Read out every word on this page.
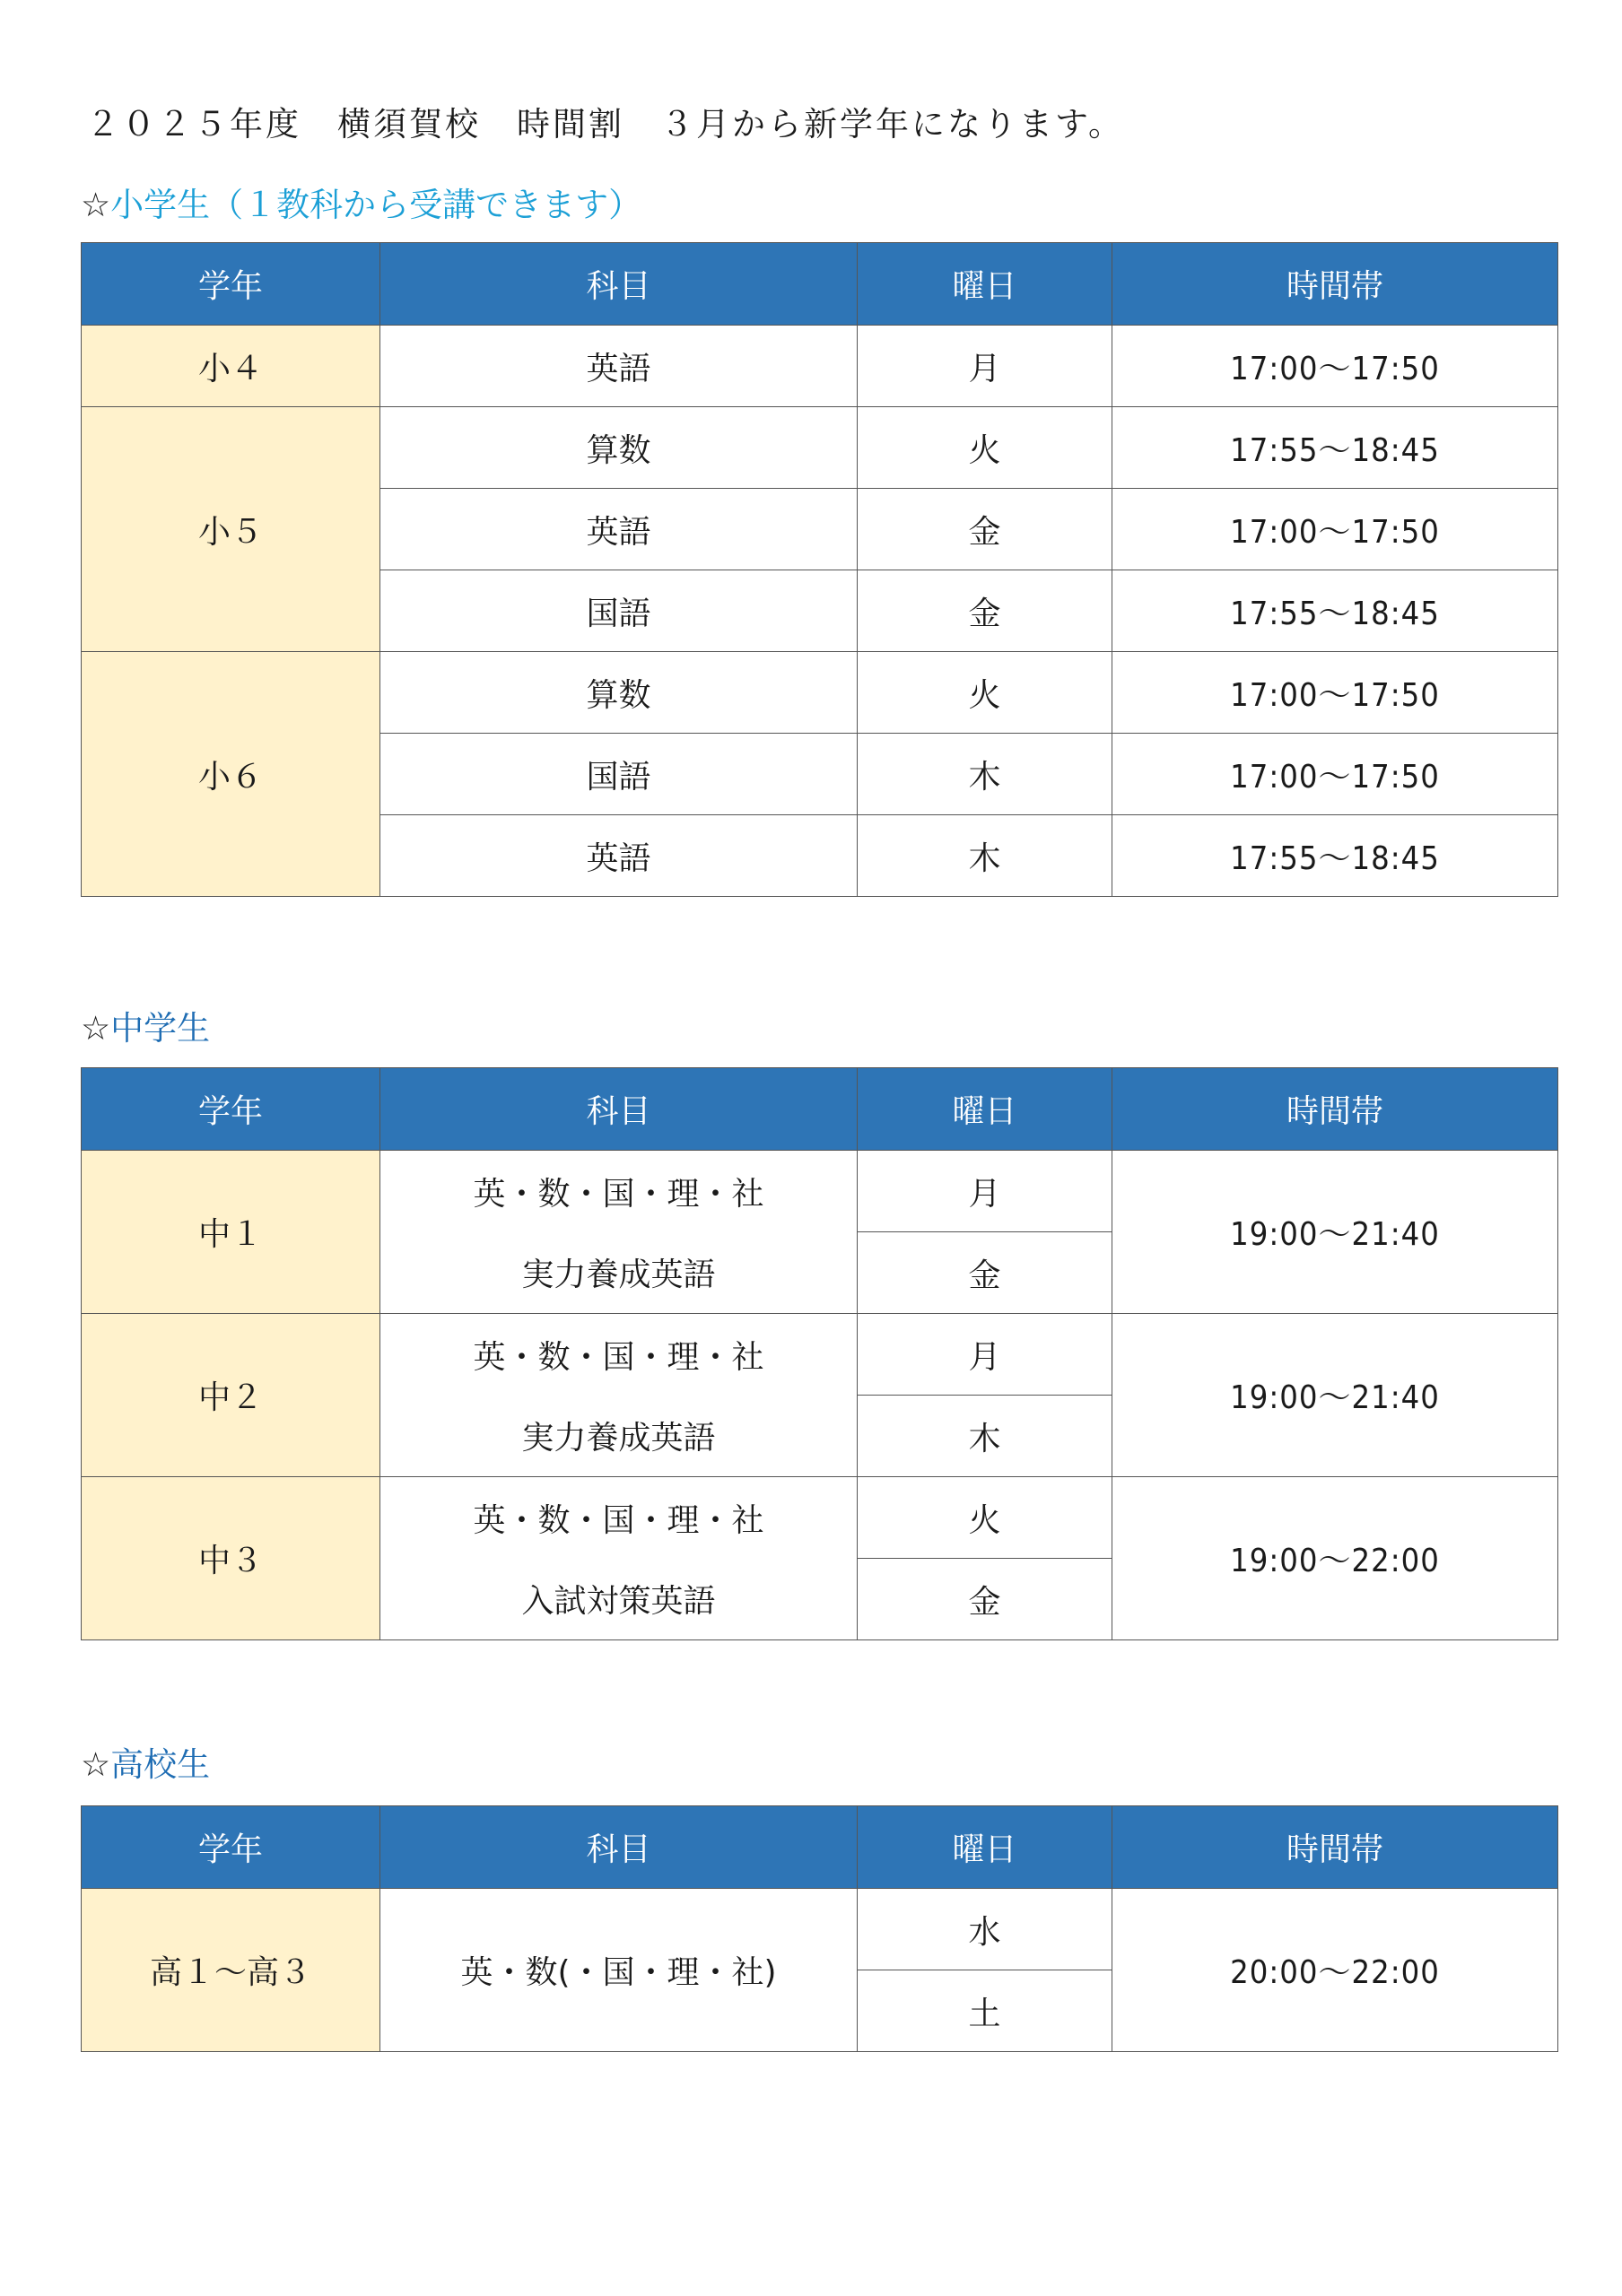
２０２５年度　横須賀校　時間割　３月から新学年になります。
☆小学生（１教科から受講できます）
学年	科目	曜日	時間帯
小４	英語	月	17:00～17:50
小５	算数	火	17:55～18:45
	英語	金	17:00～17:50
	国語	金	17:55～18:45
小６	算数	火	17:00～17:50
	国語	木	17:00～17:50
	英語	木	17:55～18:45
☆中学生
学年	科目	曜日	時間帯
中１	英・数・国・理・社	月	19:00～21:40
	実力養成英語	金	
中２	英・数・国・理・社	月	19:00～21:40
	実力養成英語	木	
中３	英・数・国・理・社	火	19:00～22:00
	入試対策英語	金	
☆高校生
学年	科目	曜日	時間帯
高１～高３	英・数(・国・理・社)	水	20:00～22:00
		土	
